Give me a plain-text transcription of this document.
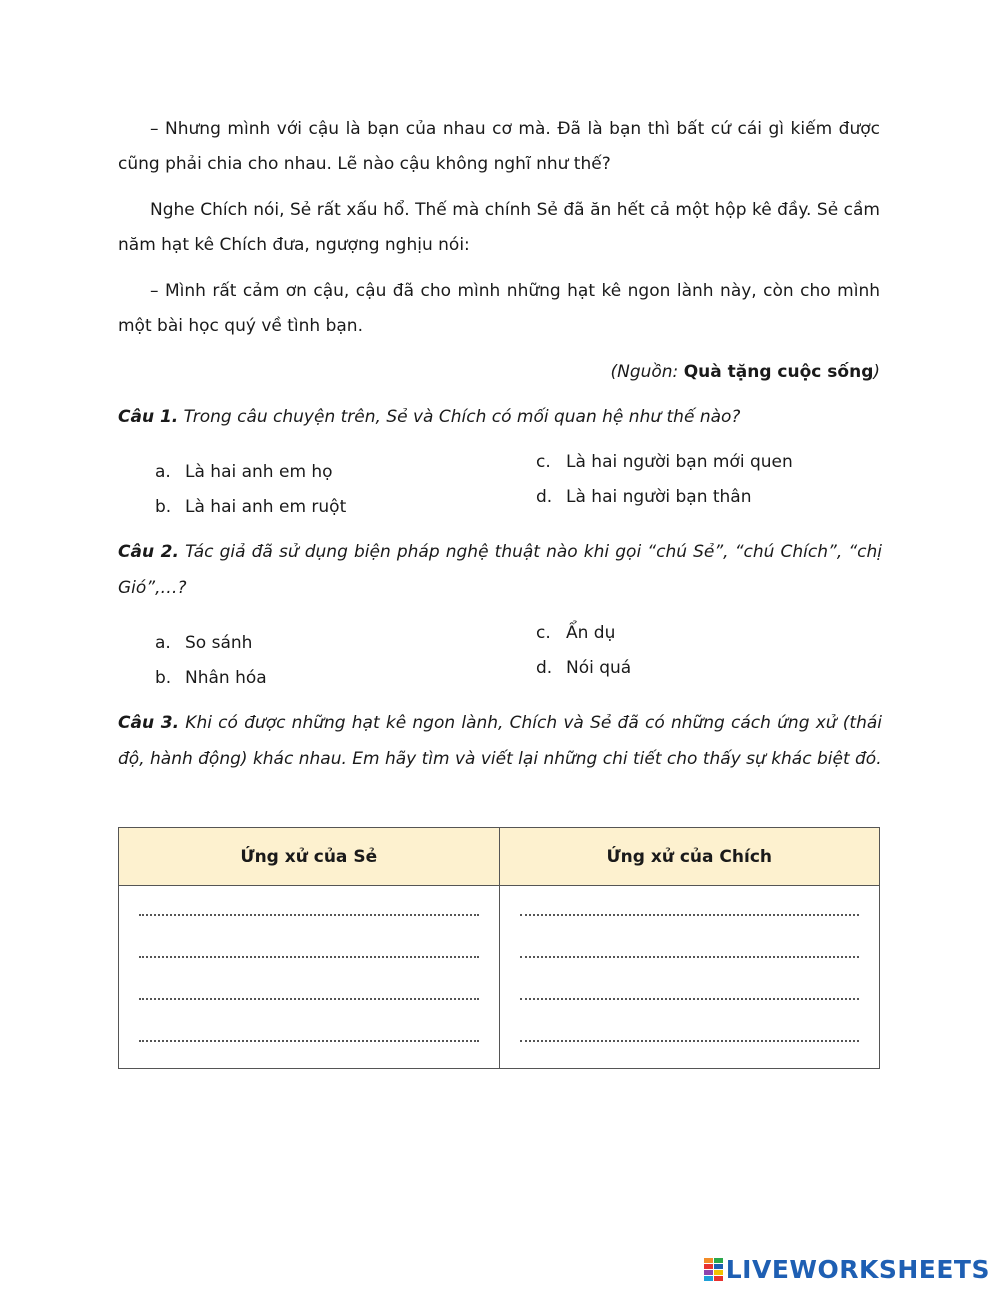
– Nhưng mình với cậu là bạn của nhau cơ mà. Đã là bạn thì bất cứ cái gì kiếm được cũng phải chia cho nhau. Lẽ nào cậu không nghĩ như thế?

Nghe Chích nói, Sẻ rất xấu hổ. Thế mà chính Sẻ đã ăn hết cả một hộp kê đầy. Sẻ cầm năm hạt kê Chích đưa, ngượng nghịu nói:

– Mình rất cảm ơn cậu, cậu đã cho mình những hạt kê ngon lành này, còn cho mình một bài học quý về tình bạn.

(Nguồn: Quà tặng cuộc sống)

Câu 1. Trong câu chuyện trên, Sẻ và Chích có mối quan hệ như thế nào?

a. Là hai anh em họ
b. Là hai anh em ruột
c. Là hai người bạn mới quen
d. Là hai người bạn thân

Câu 2. Tác giả đã sử dụng biện pháp nghệ thuật nào khi gọi “chú Sẻ”, “chú Chích”, “chị Gió”,…?

a. So sánh
b. Nhân hóa
c. Ẩn dụ
d. Nói quá

Câu 3. Khi có được những hạt kê ngon lành, Chích và Sẻ đã có những cách ứng xử (thái độ, hành động) khác nhau. Em hãy tìm và viết lại những chi tiết cho thấy sự khác biệt đó.

Ứng xử của Sẻ	Ứng xử của Chích

LIVEWORKSHEETS
